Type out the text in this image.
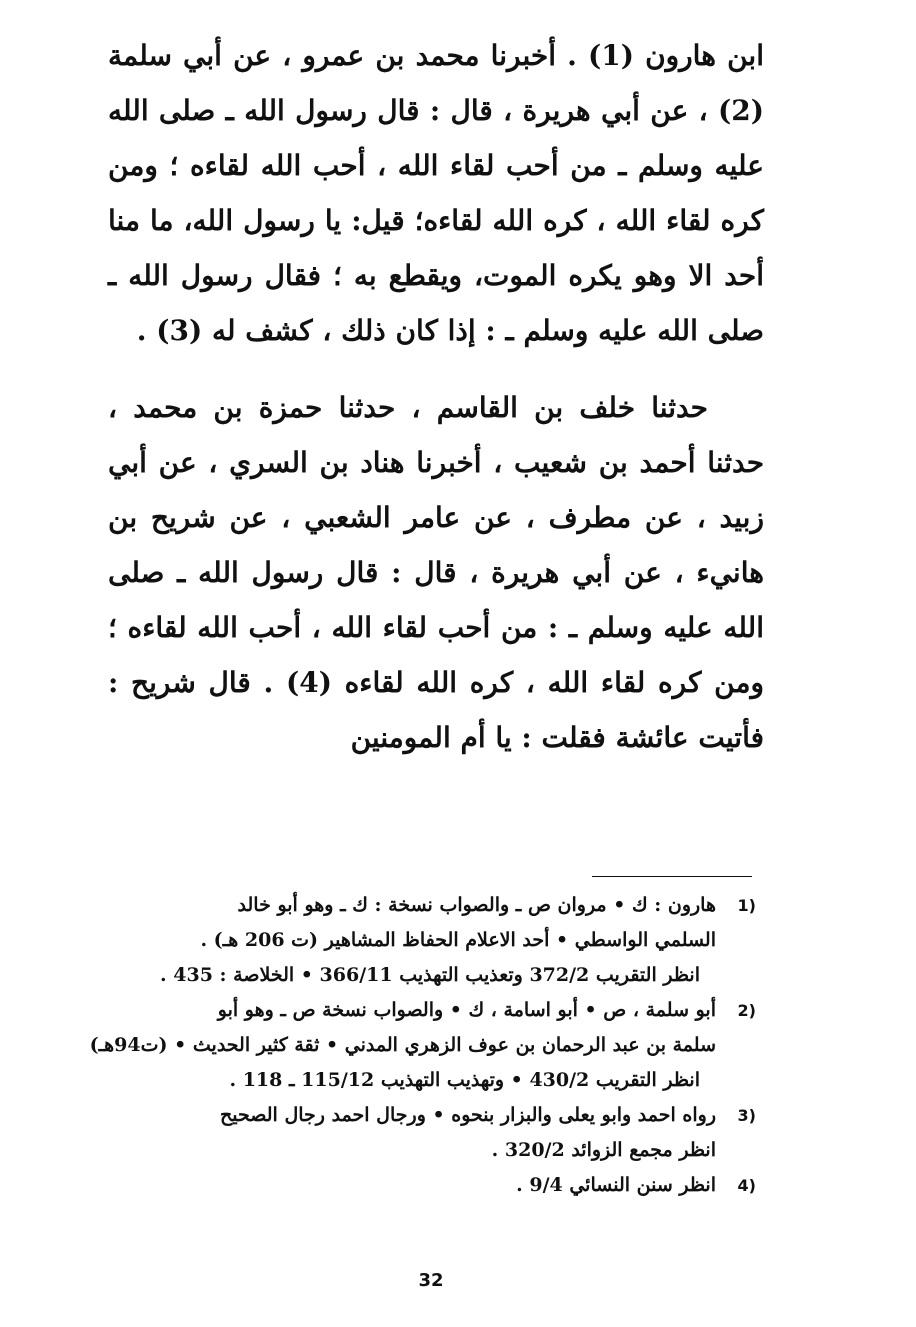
ابن هارون (1) . أخبرنا محمد بن عمرو ، عن أبي سلمة (2) ، عن أبي هريرة ، قال : قال رسول الله ـ صلى الله عليه وسلم ـ من أحب لقاء الله ، أحب الله لقاءه ؛ ومن كره لقاء الله ، كره الله لقاءه؛ قيل: يا رسول الله، ما منا أحد الا وهو يكره الموت، ويقطع به ؛ فقال رسول الله ـ صلى الله عليه وسلم ـ : إذا كان ذلك ، كشف له (3) .

حدثنا خلف بن القاسم ، حدثنا حمزة بن محمد ، حدثنا أحمد بن شعيب ، أخبرنا هناد بن السري ، عن أبي زبيد ، عن مطرف ، عن عامر الشعبي ، عن شريح بن هانيء ، عن أبي هريرة ، قال : قال رسول الله ـ صلى الله عليه وسلم ـ : من أحب لقاء الله ، أحب الله لقاءه ؛ ومن كره لقاء الله ، كره الله لقاءه (4) . قال شريح : فأتيت عائشة فقلت : يا أم المومنين

1)
هارون : ك • مروان ص ـ والصواب نسخة : ك ـ وهو أبو خالد
السلمي الواسطي • أحد الاعلام الحفاظ المشاهير (ت 206 هـ) .
انظر التقريب 372/2 وتعذيب التهذيب 366/11 • الخلاصة : 435 .
2)
أبو سلمة ، ص • أبو اسامة ، ك • والصواب نسخة ص ـ وهو أبو
سلمة بن عبد الرحمان بن عوف الزهري المدني • ثقة كثير الحديث • (ت94هـ)
انظر التقريب 430/2 • وتهذيب التهذيب 115/12 ـ 118 .
3)
رواه احمد وابو يعلى والبزار بنحوه • ورجال احمد رجال الصحيح
انظر مجمع الزوائد 320/2 .
4)
انظر سنن النسائي 9/4 .
32
